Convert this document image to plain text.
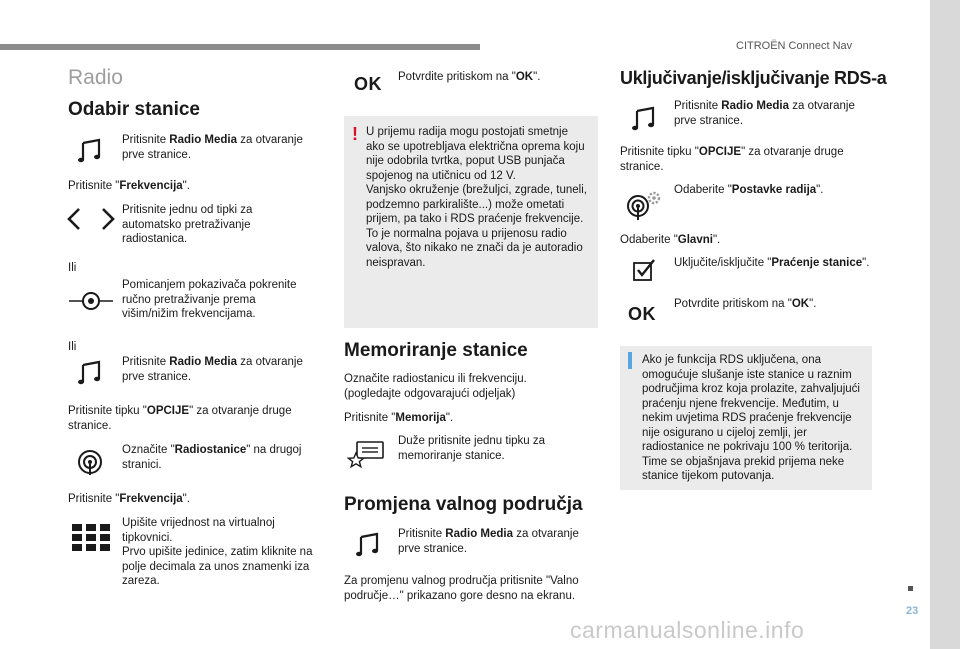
CITROËN Connect Nav
23
carmanualsonline.info
Radio
Odabir stanice
Pritisnite Radio Media za otvaranje prve stranice.
Pritisnite "Frekvencija".
Pritisnite jednu od tipki za automatsko pretraživanje radiostanica.
Ili
Pomicanjem pokazivača pokrenite ručno pretraživanje prema višim/nižim frekvencijama.
Ili
Pritisnite Radio Media za otvaranje prve stranice.
Pritisnite tipku "OPCIJE" za otvaranje druge stranice.
Označite "Radiostanice" na drugoj stranici.
Pritisnite "Frekvencija".
Upišite vrijednost na virtualnoj tipkovnici.
Prvo upišite jedinice, zatim kliknite na polje decimala za unos znamenki iza zareza.
OK Potvrdite pritiskom na "OK".
! U prijemu radija mogu postojati smetnje ako se upotrebljava električna oprema koju nije odobrila tvrtka, poput USB punjača spojenog na utičnicu od 12 V.
Vanjsko okruženje (brežuljci, zgrade, tuneli, podzemno parkiralište...) može ometati prijem, pa tako i RDS praćenje frekvencije. To je normalna pojava u prijenosu radio valova, što nikako ne znači da je autoradio neispravan.
Memoriranje stanice
Označite radiostanicu ili frekvenciju.
(pogledajte odgovarajući odjeljak)
Pritisnite "Memorija".
Duže pritisnite jednu tipku za memoriranje stanice.
Promjena valnog područja
Pritisnite Radio Media za otvaranje prve stranice.
Za promjenu valnog prodručja pritisnite "Valno područje…" prikazano gore desno na ekranu.
Uključivanje/isključivanje RDS-a
Pritisnite Radio Media za otvaranje prve stranice.
Pritisnite tipku "OPCIJE" za otvaranje druge stranice.
Odaberite "Postavke radija".
Odaberite "Glavni".
Uključite/isključite "Praćenje stanice".
OK Potvrdite pritiskom na "OK".
Ako je funkcija RDS uključena, ona omogućuje slušanje iste stanice u raznim područjima kroz koja prolazite, zahvaljujući praćenju njene frekvencije. Međutim, u nekim uvjetima RDS praćenje frekvencije nije osigurano u cijeloj zemlji, jer radiostanice ne pokrivaju 100 % teritorija. Time se objašnjava prekid prijema neke stanice tijekom putovanja.
